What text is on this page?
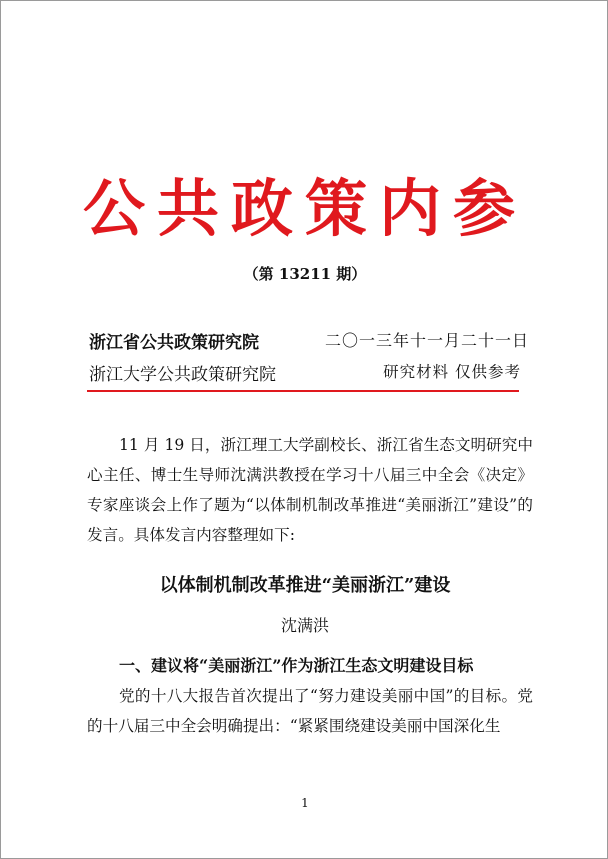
公共政策内参
（第 13211 期）
浙江省公共政策研究院	二〇一三年十一月二十一日
浙江大学公共政策研究院	研究材料 仅供参考
11 月 19 日，浙江理工大学副校长、浙江省生态文明研究中心主任、博士生导师沈满洪教授在学习十八届三中全会《决定》专家座谈会上作了题为“以体制机制改革推进“美丽浙江”建设”的发言。具体发言内容整理如下:
以体制机制改革推进“美丽浙江”建设
沈满洪
一、建议将“美丽浙江”作为浙江生态文明建设目标
党的十八大报告首次提出了“努力建设美丽中国”的目标。党的十八届三中全会明确提出：“紧紧围绕建设美丽中国深化生
1
